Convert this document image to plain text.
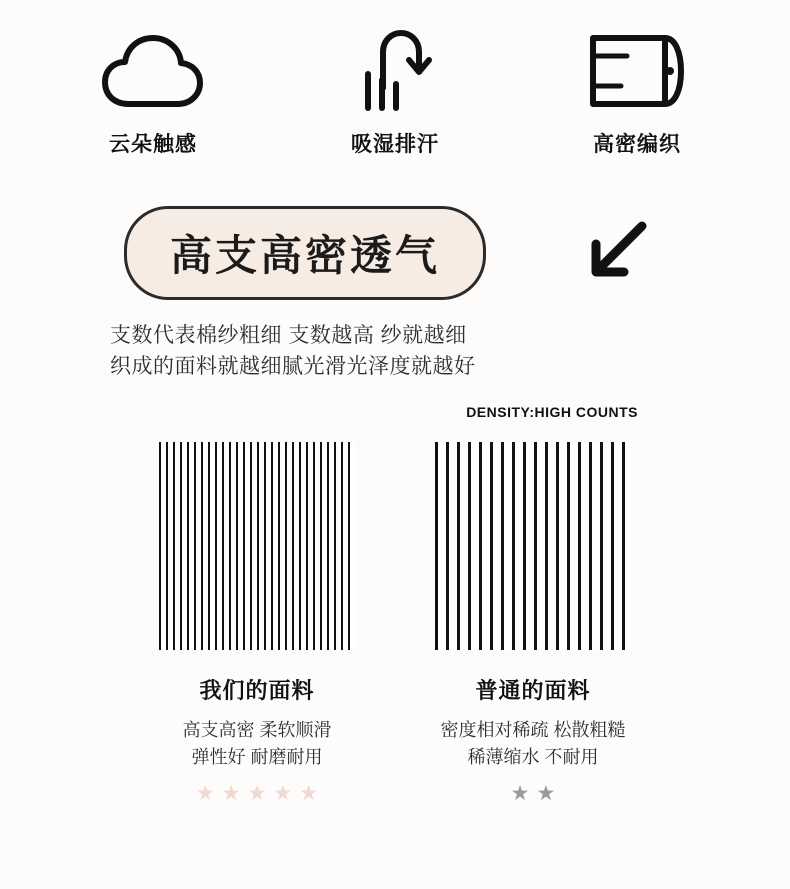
云朵触感	吸湿排汗	高密编织
高支高密透气
支数代表棉纱粗细 支数越高 纱就越细
织成的面料就越细腻光滑光泽度就越好
DENSITY:HIGH COUNTS
我们的面料
高支高密 柔软顺滑
弹性好 耐磨耐用
★ ★ ★ ★ ★
普通的面料
密度相对稀疏 松散粗糙
稀薄缩水 不耐用
★ ★
